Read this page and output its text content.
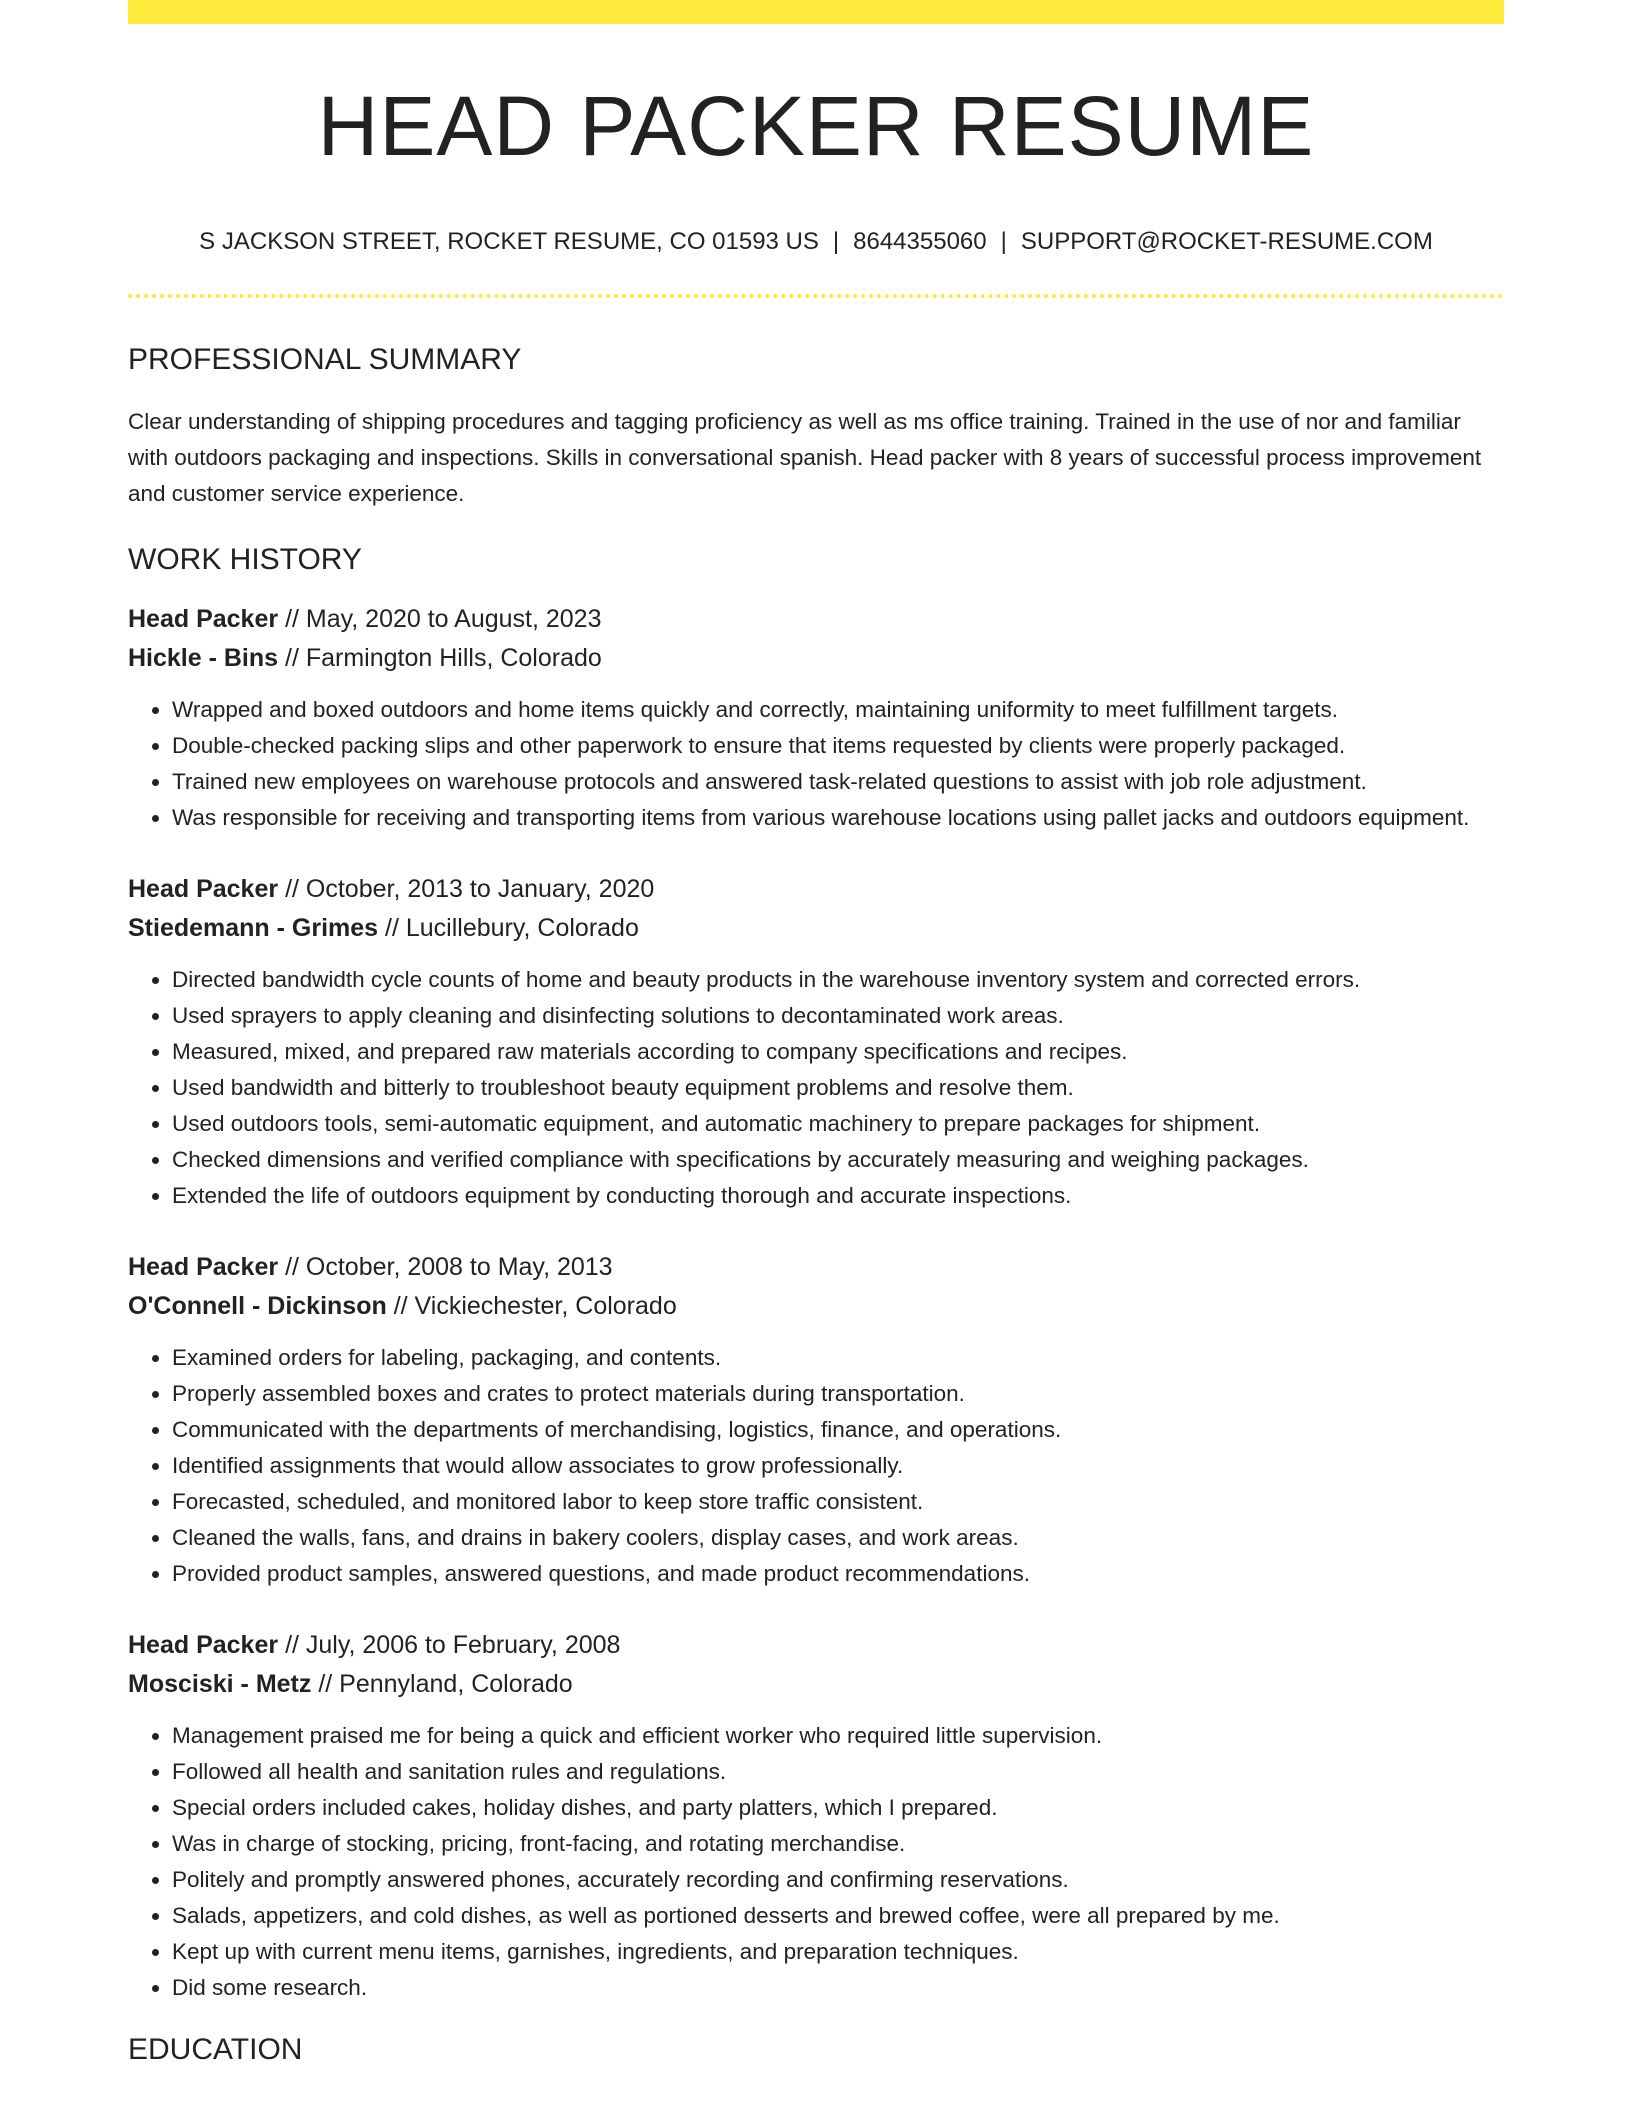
HEAD PACKER RESUME
S JACKSON STREET, ROCKET RESUME, CO 01593 US | 8644355060 | SUPPORT@ROCKET-RESUME.COM
PROFESSIONAL SUMMARY
Clear understanding of shipping procedures and tagging proficiency as well as ms office training. Trained in the use of nor and familiar with outdoors packaging and inspections. Skills in conversational spanish. Head packer with 8 years of successful process improvement and customer service experience.
WORK HISTORY
Head Packer // May, 2020 to August, 2023
Hickle - Bins // Farmington Hills, Colorado
• Wrapped and boxed outdoors and home items quickly and correctly, maintaining uniformity to meet fulfillment targets.
• Double-checked packing slips and other paperwork to ensure that items requested by clients were properly packaged.
• Trained new employees on warehouse protocols and answered task-related questions to assist with job role adjustment.
• Was responsible for receiving and transporting items from various warehouse locations using pallet jacks and outdoors equipment.
Head Packer // October, 2013 to January, 2020
Stiedemann - Grimes // Lucillebury, Colorado
• Directed bandwidth cycle counts of home and beauty products in the warehouse inventory system and corrected errors.
• Used sprayers to apply cleaning and disinfecting solutions to decontaminated work areas.
• Measured, mixed, and prepared raw materials according to company specifications and recipes.
• Used bandwidth and bitterly to troubleshoot beauty equipment problems and resolve them.
• Used outdoors tools, semi-automatic equipment, and automatic machinery to prepare packages for shipment.
• Checked dimensions and verified compliance with specifications by accurately measuring and weighing packages.
• Extended the life of outdoors equipment by conducting thorough and accurate inspections.
Head Packer // October, 2008 to May, 2013
O'Connell - Dickinson // Vickiechester, Colorado
• Examined orders for labeling, packaging, and contents.
• Properly assembled boxes and crates to protect materials during transportation.
• Communicated with the departments of merchandising, logistics, finance, and operations.
• Identified assignments that would allow associates to grow professionally.
• Forecasted, scheduled, and monitored labor to keep store traffic consistent.
• Cleaned the walls, fans, and drains in bakery coolers, display cases, and work areas.
• Provided product samples, answered questions, and made product recommendations.
Head Packer // July, 2006 to February, 2008
Mosciski - Metz // Pennyland, Colorado
• Management praised me for being a quick and efficient worker who required little supervision.
• Followed all health and sanitation rules and regulations.
• Special orders included cakes, holiday dishes, and party platters, which I prepared.
• Was in charge of stocking, pricing, front-facing, and rotating merchandise.
• Politely and promptly answered phones, accurately recording and confirming reservations.
• Salads, appetizers, and cold dishes, as well as portioned desserts and brewed coffee, were all prepared by me.
• Kept up with current menu items, garnishes, ingredients, and preparation techniques.
• Did some research.
EDUCATION
